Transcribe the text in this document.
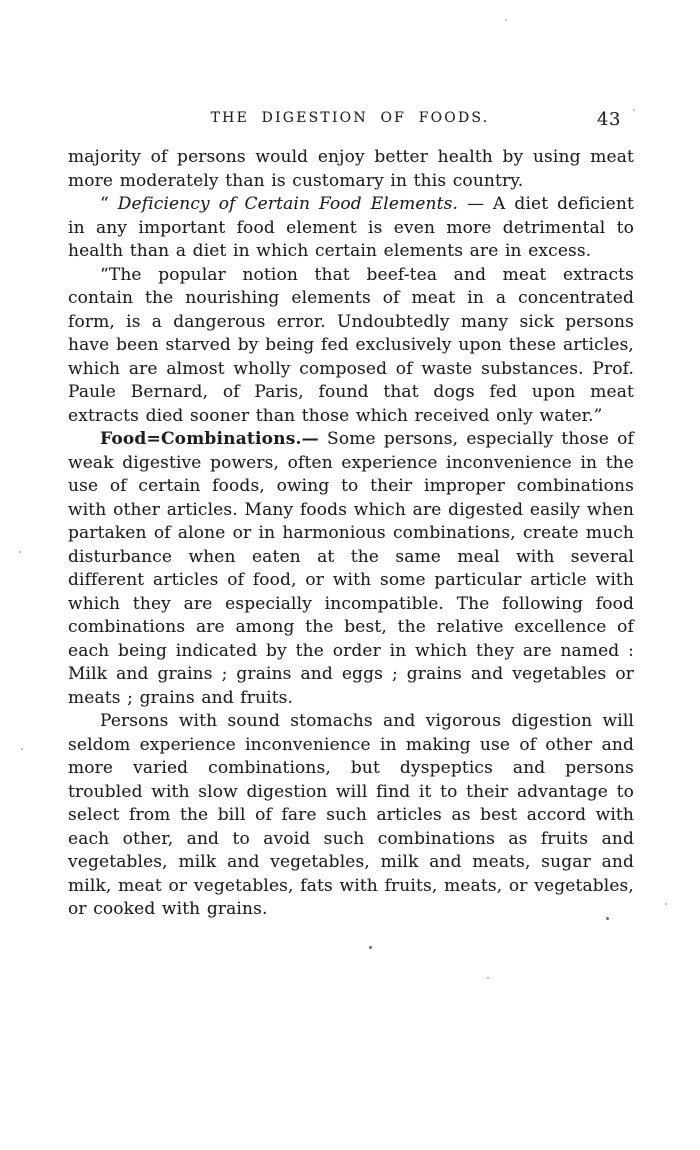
THE DIGESTION OF FOODS.	43

majority of persons would enjoy better health by using meat more moderately than is customary in this country.

“ Deficiency of Certain Food Elements. — A diet deficient in any important food element is even more detrimental to health than a diet in which certain elements are in excess.

“The popular notion that beef-tea and meat extracts contain the nourishing elements of meat in a concentrated form, is a dangerous error. Undoubtedly many sick persons have been starved by being fed exclusively upon these articles, which are almost wholly composed of waste substances. Prof. Paule Bernard, of Paris, found that dogs fed upon meat extracts died sooner than those which received only water.”

Food=Combinations.— Some persons, especially those of weak digestive powers, often experience inconvenience in the use of certain foods, owing to their improper combinations with other articles. Many foods which are digested easily when partaken of alone or in harmonious combinations, create much disturbance when eaten at the same meal with several different articles of food, or with some particular article with which they are especially incompatible. The following food combinations are among the best, the relative excellence of each being indicated by the order in which they are named : Milk and grains ; grains and eggs ; grains and vegetables or meats ; grains and fruits.

Persons with sound stomachs and vigorous digestion will seldom experience inconvenience in making use of other and more varied combinations, but dyspeptics and persons troubled with slow digestion will find it to their advantage to select from the bill of fare such articles as best accord with each other, and to avoid such combinations as fruits and vegetables, milk and vegetables, milk and meats, sugar and milk, meat or vegetables, fats with fruits, meats, or vegetables, or cooked with grains.
